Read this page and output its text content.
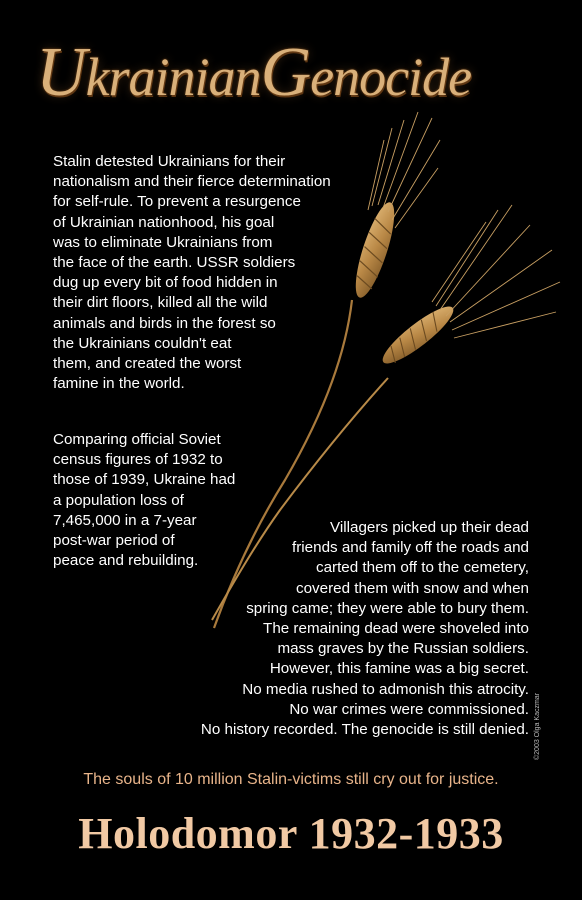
UkrainianGenocide

Stalin detested Ukrainians for their
nationalism and their fierce determination
for self-rule. To prevent a resurgence
of Ukrainian nationhood, his goal
was to eliminate Ukrainians from
the face of the earth. USSR soldiers
dug up every bit of food hidden in
their dirt floors, killed all the wild
animals and birds in the forest so
the Ukrainians couldn't eat
them, and created the worst
famine in the world.

Comparing official Soviet
census figures of 1932 to
those of 1939, Ukraine had
a population loss of
7,465,000 in a 7-year
post-war period of
peace and rebuilding.

Villagers picked up their dead
friends and family off the roads and
carted them off to the cemetery,
covered them with snow and when
spring came; they were able to bury them.
The remaining dead were shoveled into
mass graves by the Russian soldiers.
However, this famine was a big secret.
No media rushed to admonish this atrocity.
No war crimes were commissioned.
No history recorded. The genocide is still denied. ©2003 Olga Kaczmar
The souls of 10 million Stalin-victims still cry out for justice.
Holodomor 1932-1933
